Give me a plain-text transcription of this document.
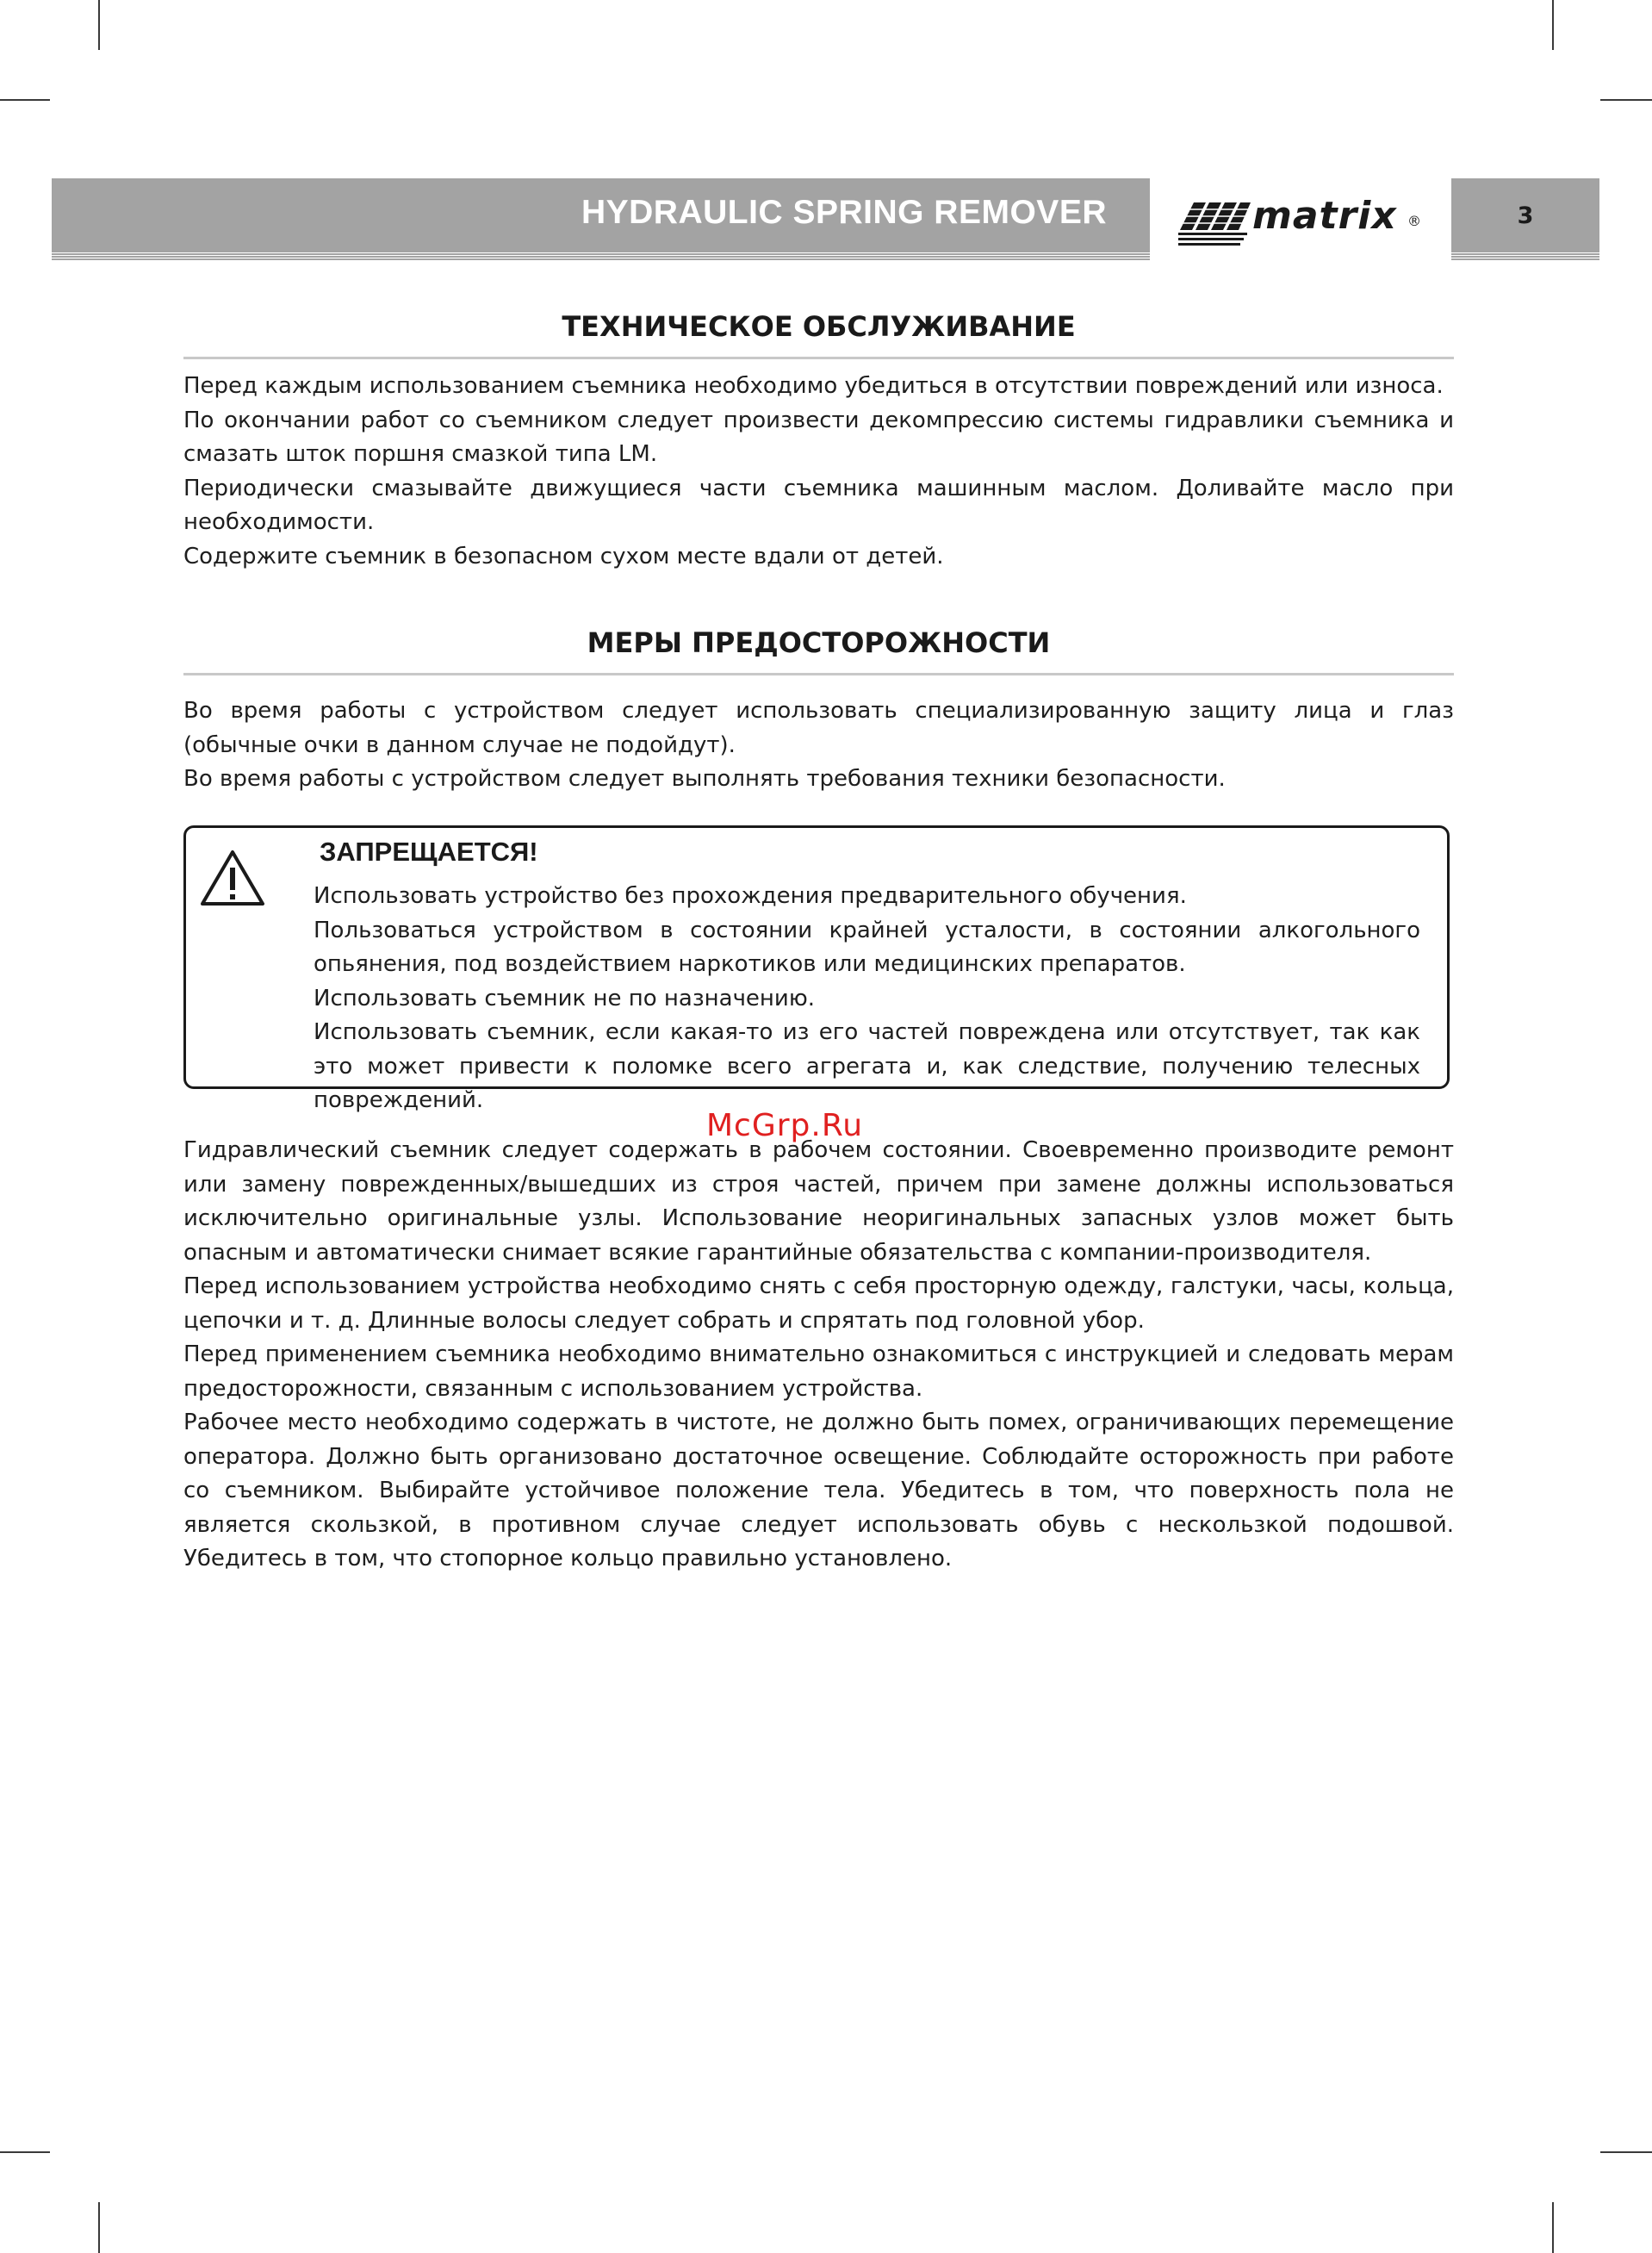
HYDRAULIC SPRING REMOVER	matrix ®	3
ТЕХНИЧЕСКОЕ ОБСЛУЖИВАНИЕ

Перед каждым использованием съемника необходимо убедиться в отсутствии повреждений или износа.

По окончании работ со съемником следует произвести декомпрессию системы гидравлики съемника и смазать шток поршня смазкой типа LM.

Периодически смазывайте движущиеся части съемника машинным маслом. Доливайте масло при необходимости.

Содержите съемник в безопасном сухом месте вдали от детей.

МЕРЫ ПРЕДОСТОРОЖНОСТИ

Во время работы с устройством следует использовать специализированную защиту лица и глаз (обычные очки в данном случае не подойдут).

Во время работы с устройством следует выполнять требования техники безопасности.

ЗАПРЕЩАЕТСЯ!

Использовать устройство без прохождения предварительного обучения.

Пользоваться устройством в состоянии крайней усталости, в состоянии алкогольного опьянения, под воздействием наркотиков или медицинских препаратов.

Использовать съемник не по назначению.

Использовать съемник, если какая-то из его частей повреждена или отсутствует, так как это может привести к поломке всего агрегата и, как следствие, получению телесных повреждений.

McGrp.Ru

Гидравлический съемник следует содержать в рабочем состоянии. Своевременно производите ремонт или замену поврежденных/вышедших из строя частей, причем при замене должны использоваться исключительно оригинальные узлы. Использование неоригинальных запасных узлов может быть опасным и автоматически снимает всякие гарантийные обязательства с компании-производителя.

Перед использованием устройства необходимо снять с себя просторную одежду, галстуки, часы, кольца, цепочки и т. д. Длинные волосы следует собрать и спрятать под головной убор.

Перед применением съемника необходимо внимательно ознакомиться с инструкцией и следовать мерам предосторожности, связанным с использованием устройства.

Рабочее место необходимо содержать в чистоте, не должно быть помех, ограничивающих перемещение оператора. Должно быть организовано достаточное освещение. Соблюдайте осторожность при работе со съемником. Выбирайте устойчивое положение тела. Убедитесь в том, что поверхность пола не является скользкой, в противном случае следует использовать обувь с нескользкой подошвой. Убедитесь в том, что стопорное кольцо правильно установлено.
